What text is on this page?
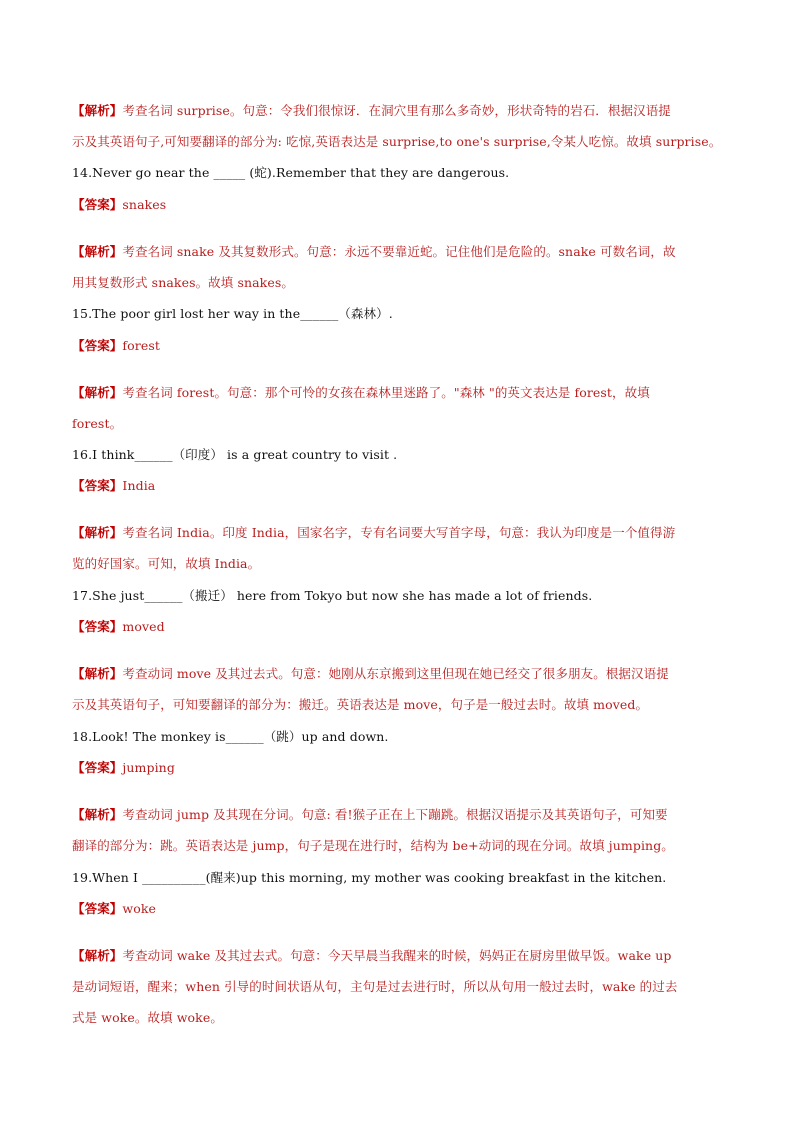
【解析】考查名词 surprise。句意：令我们很惊讶．在洞穴里有那么多奇妙，形状奇特的岩石．根据汉语提
示及其英语句子,可知要翻译的部分为: 吃惊,英语表达是 surprise,to one's surprise,令某人吃惊。故填 surprise。
14.Never go near the _____ (蛇).Remember that they are dangerous.
【答案】snakes
【解析】考查名词 snake 及其复数形式。句意：永远不要靠近蛇。记住他们是危险的。snake 可数名词，故
用其复数形式 snakes。故填 snakes。
15.The poor girl lost her way in the______（森林）.
【答案】forest
【解析】考查名词 forest。句意：那个可怜的女孩在森林里迷路了。"森林 "的英文表达是 forest，故填
forest。
16.I think______（印度） is a great country to visit .
【答案】India
【解析】考查名词 India。印度 India，国家名字，专有名词要大写首字母，句意：我认为印度是一个值得游
览的好国家。可知，故填 India。
17.She just______（搬迁） here from Tokyo but now she has made a lot of friends.
【答案】moved
【解析】考查动词 move 及其过去式。句意：她刚从东京搬到这里但现在她已经交了很多朋友。根据汉语提
示及其英语句子，可知要翻译的部分为：搬迁。英语表达是 move，句子是一般过去时。故填 moved。
18.Look! The monkey is______（跳）up and down.
【答案】jumping
【解析】考查动词 jump 及其现在分词。句意: 看!猴子正在上下蹦跳。根据汉语提示及其英语句子，可知要
翻译的部分为：跳。英语表达是 jump，句子是现在进行时，结构为 be+动词的现在分词。故填 jumping。
19.When I __________(醒来)up this morning, my mother was cooking breakfast in the kitchen.
【答案】woke
【解析】考查动词 wake 及其过去式。句意：今天早晨当我醒来的时候，妈妈正在厨房里做早饭。wake up
是动词短语，醒来；when 引导的时间状语从句，主句是过去进行时，所以从句用一般过去时，wake 的过去
式是 woke。故填 woke。
